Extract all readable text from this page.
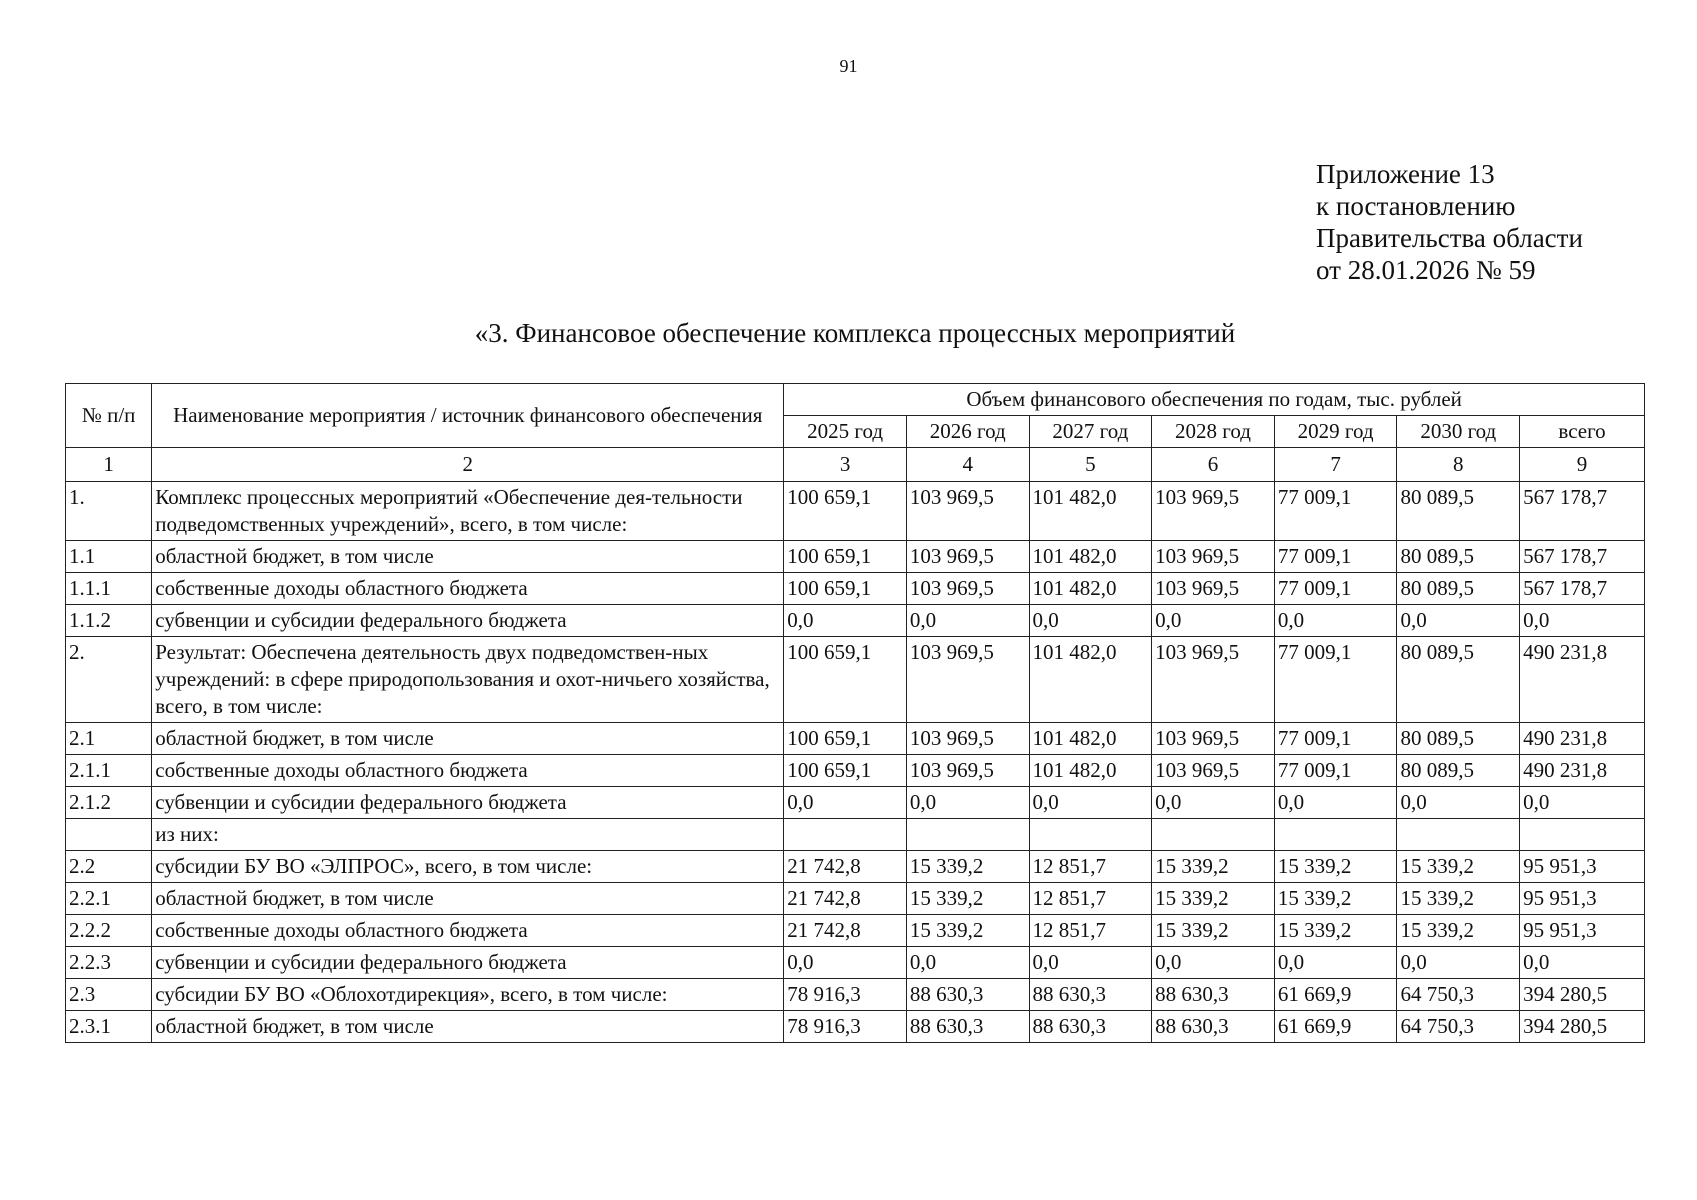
91
Приложение 13
к постановлению
Правительства области
от 28.01.2026 № 59
«3. Финансовое обеспечение комплекса процессных мероприятий
№ п/п	Наименование мероприятия / источник финансового обеспечения	Объем финансового обеспечения по годам, тыс. рублей						
		2025 год	2026 год	2027 год	2028 год	2029 год	2030 год	всего
1	2	3	4	5	6	7	8	9
1.	Комплекс процессных мероприятий «Обеспечение дея-тельности подведомственных учреждений», всего, в том числе:	100 659,1	103 969,5	101 482,0	103 969,5	77 009,1	80 089,5	567 178,7
1.1	областной бюджет, в том числе	100 659,1	103 969,5	101 482,0	103 969,5	77 009,1	80 089,5	567 178,7
1.1.1	собственные доходы областного бюджета	100 659,1	103 969,5	101 482,0	103 969,5	77 009,1	80 089,5	567 178,7
1.1.2	субвенции и субсидии федерального бюджета	0,0	0,0	0,0	0,0	0,0	0,0	0,0
2.	Результат: Обеспечена деятельность двух подведомствен-ных учреждений: в сфере природопользования и охот-ничьего хозяйства, всего, в том числе:	100 659,1	103 969,5	101 482,0	103 969,5	77 009,1	80 089,5	490 231,8
2.1	областной бюджет, в том числе	100 659,1	103 969,5	101 482,0	103 969,5	77 009,1	80 089,5	490 231,8
2.1.1	собственные доходы областного бюджета	100 659,1	103 969,5	101 482,0	103 969,5	77 009,1	80 089,5	490 231,8
2.1.2	субвенции и субсидии федерального бюджета	0,0	0,0	0,0	0,0	0,0	0,0	0,0
	из них:							
2.2	субсидии БУ ВО «ЭЛПРОС», всего, в том числе:	21 742,8	15 339,2	12 851,7	15 339,2	15 339,2	15 339,2	95 951,3
2.2.1	областной бюджет, в том числе	21 742,8	15 339,2	12 851,7	15 339,2	15 339,2	15 339,2	95 951,3
2.2.2	собственные доходы областного бюджета	21 742,8	15 339,2	12 851,7	15 339,2	15 339,2	15 339,2	95 951,3
2.2.3	субвенции и субсидии федерального бюджета	0,0	0,0	0,0	0,0	0,0	0,0	0,0
2.3	субсидии БУ ВО «Облохотдирекция», всего, в том числе:	78 916,3	88 630,3	88 630,3	88 630,3	61 669,9	64 750,3	394 280,5
2.3.1	областной бюджет, в том числе	78 916,3	88 630,3	88 630,3	88 630,3	61 669,9	64 750,3	394 280,5
